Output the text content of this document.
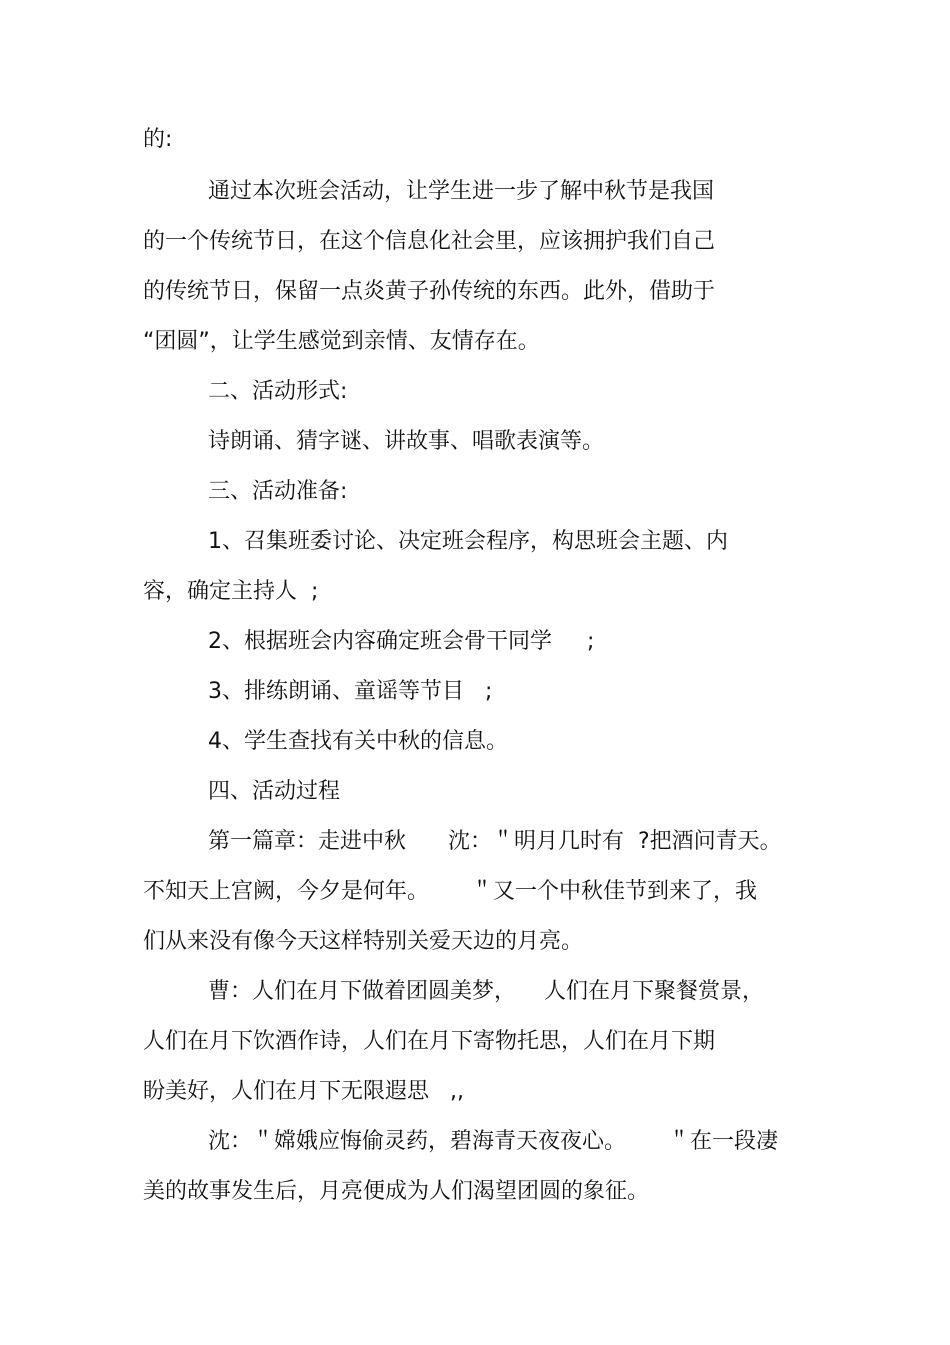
的:

通过本次班会活动，让学生进一步了解中秋节是我国

的一个传统节日，在这个信息化社会里，应该拥护我们自己

的传统节日，保留一点炎黄子孙传统的东西。此外，借助于

“团圆”，让学生感觉到亲情、友情存在。

二、活动形式:

诗朗诵、猜字谜、讲故事、唱歌表演等。

三、活动准备:

1、召集班委讨论、决定班会程序，构思班会主题、内

容，确定主持人  ;

2、根据班会内容确定班会骨干同学     ;

3、排练朗诵、童谣等节目   ;

4、学生查找有关中秋的信息。

四、活动过程

第一篇章：走进中秋      沈：＂明月几时有  ?把酒问青天。

不知天上宫阙，今夕是何年。      ＂又一个中秋佳节到来了，我

们从来没有像今天这样特别关爱天边的月亮。

曹：人们在月下做着团圆美梦，    人们在月下聚餐赏景，

人们在月下饮酒作诗，人们在月下寄物托思，人们在月下期

盼美好，人们在月下无限遐思   ,,

沈：＂嫦娥应悔偷灵药，碧海青天夜夜心。      ＂在一段凄

美的故事发生后，月亮便成为人们渴望团圆的象征。
